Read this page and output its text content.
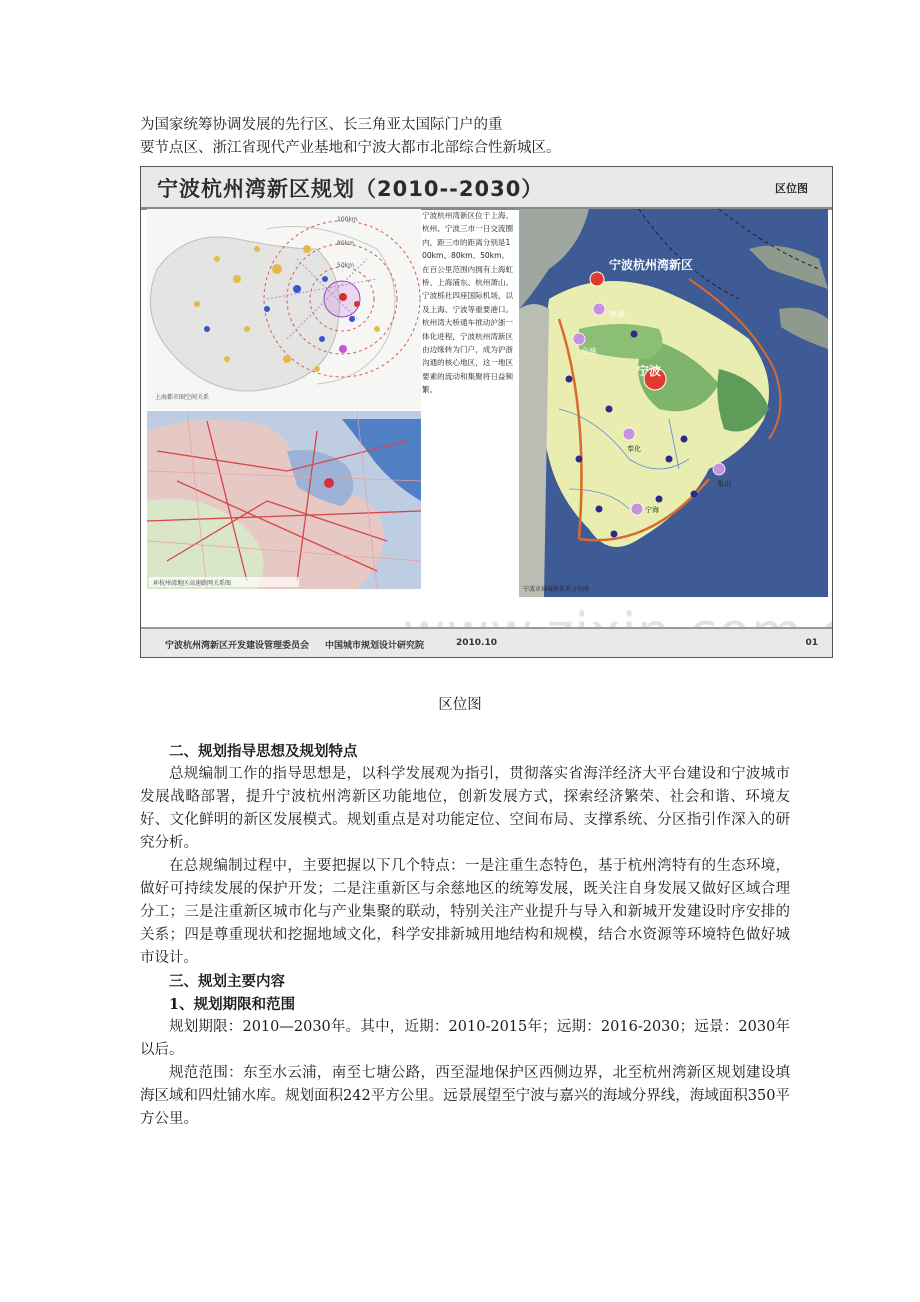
为国家统筹协调发展的先行区、长三角亚太国际门户的重
要节点区、浙江省现代产业基地和宁波大都市北部综合性新城区。
宁波杭州湾新区规划（2010--2030）	区位图
100km
80km
50km
上海都市圈空间关系
环杭州湾地区高速路网关系图
宁波杭州湾新区位于上海、杭州、宁波三市一日交流圈内，距三市的距离分别是100km、80km、50km。在百公里范围内拥有上海虹桥、上海浦东、杭州萧山、宁波栎社四座国际机场，以及上海、宁波等重要港口。杭州湾大桥通车推动沪浙一体化进程，宁波杭州湾新区由边缘转为门户，成为沪浙沟通的核心地区，这一地区要素的流动和集聚将日益频繁。
宁波杭州湾新区
慈溪
余姚
宁波
奉化
象山
宁海
宁波市域城镇体系分布图
宁波杭州湾新区开发建设管理委员会 中国城市规划设计研究院	2010.10	01
区位图
二、规划指导思想及规划特点

总规编制工作的指导思想是，以科学发展观为指引，贯彻落实省海洋经济大平台建设和宁波城市发展战略部署，提升宁波杭州湾新区功能地位，创新发展方式，探索经济繁荣、社会和谐、环境友好、文化鲜明的新区发展模式。规划重点是对功能定位、空间布局、支撑系统、分区指引作深入的研究分析。

在总规编制过程中，主要把握以下几个特点：一是注重生态特色，基于杭州湾特有的生态环境，做好可持续发展的保护开发；二是注重新区与余慈地区的统筹发展，既关注自身发展又做好区域合理分工；三是注重新区城市化与产业集聚的联动，特别关注产业提升与导入和新城开发建设时序安排的关系；四是尊重现状和挖掘地域文化，科学安排新城用地结构和规模，结合水资源等环境特色做好城市设计。

三、规划主要内容
1、规划期限和范围

规划期限：2010—2030年。其中，近期：2010-2015年；远期：2016-2030；远景：2030年以后。

规范范围：东至水云浦，南至七塘公路，西至湿地保护区西侧边界，北至杭州湾新区规划建设填海区域和四灶铺水库。规划面积242平方公里。远景展望至宁波与嘉兴的海域分界线，海域面积350平方公里。
